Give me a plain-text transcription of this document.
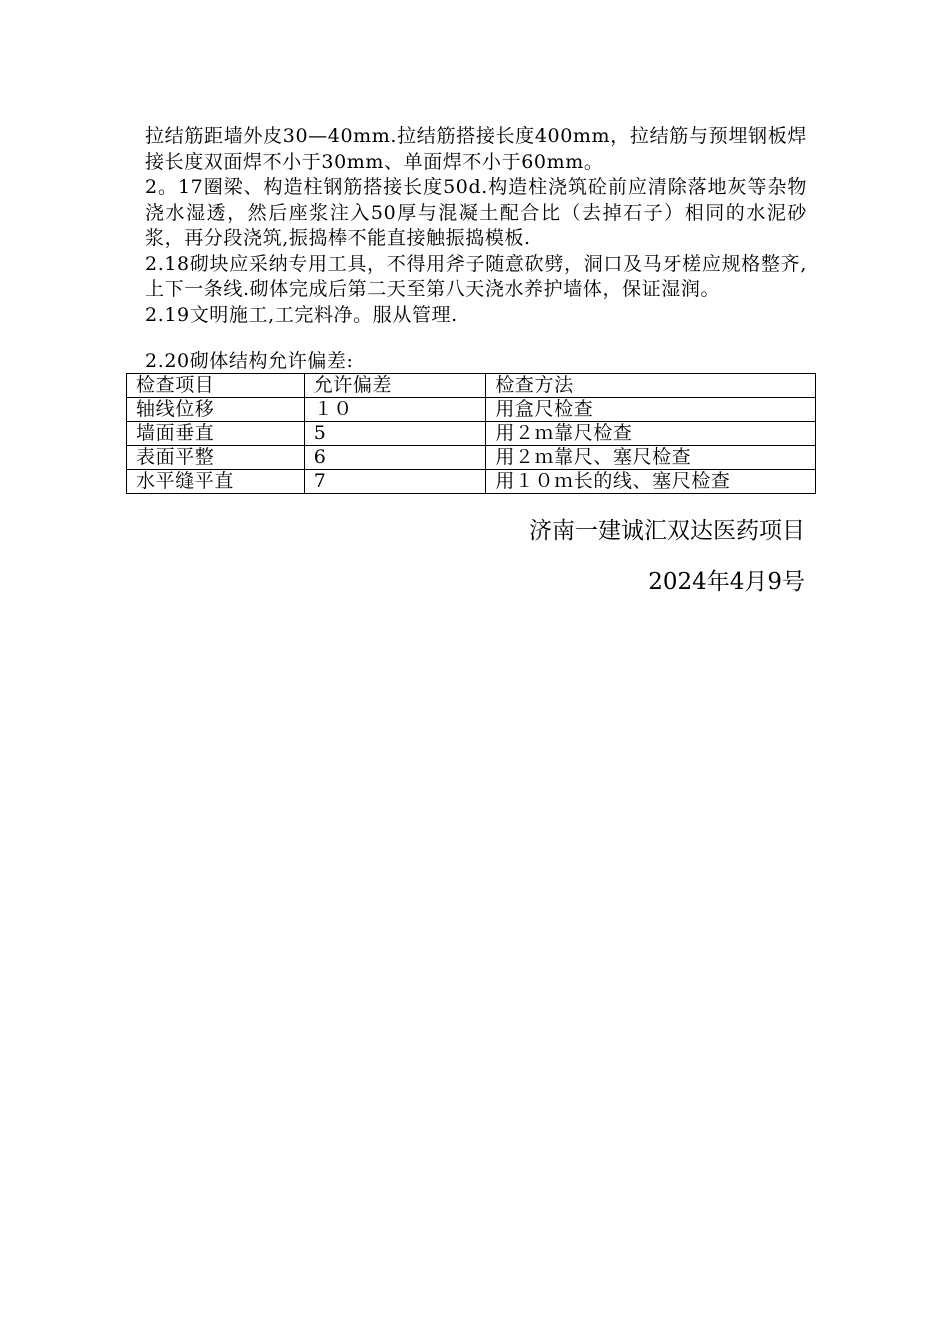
拉结筋距墙外皮30—40mm.拉结筋搭接长度400mm，拉结筋与预埋钢板焊接长度双面焊不小于30mm、单面焊不小于60mm。

2。17圈梁、构造柱钢筋搭接长度50d.构造柱浇筑砼前应清除落地灰等杂物浇水湿透，然后座浆注入50厚与混凝土配合比（去掉石子）相同的水泥砂浆，再分段浇筑,振捣棒不能直接触振捣模板.

2.18砌块应采纳专用工具，不得用斧子随意砍劈，洞口及马牙槎应规格整齐,上下一条线.砌体完成后第二天至第八天浇水养护墙体，保证湿润。

2.19文明施工,工完料净。服从管理.

2.20砌体结构允许偏差:
检查项目	允许偏差	检查方法
轴线位移	１０	用盒尺检查
墙面垂直	5	用２ｍ靠尺检查
表面平整	6	用２ｍ靠尺、塞尺检查
水平缝平直	7	用１０ｍ长的线、塞尺检查
济南一建诚汇双达医药项目
2024年4月9号
